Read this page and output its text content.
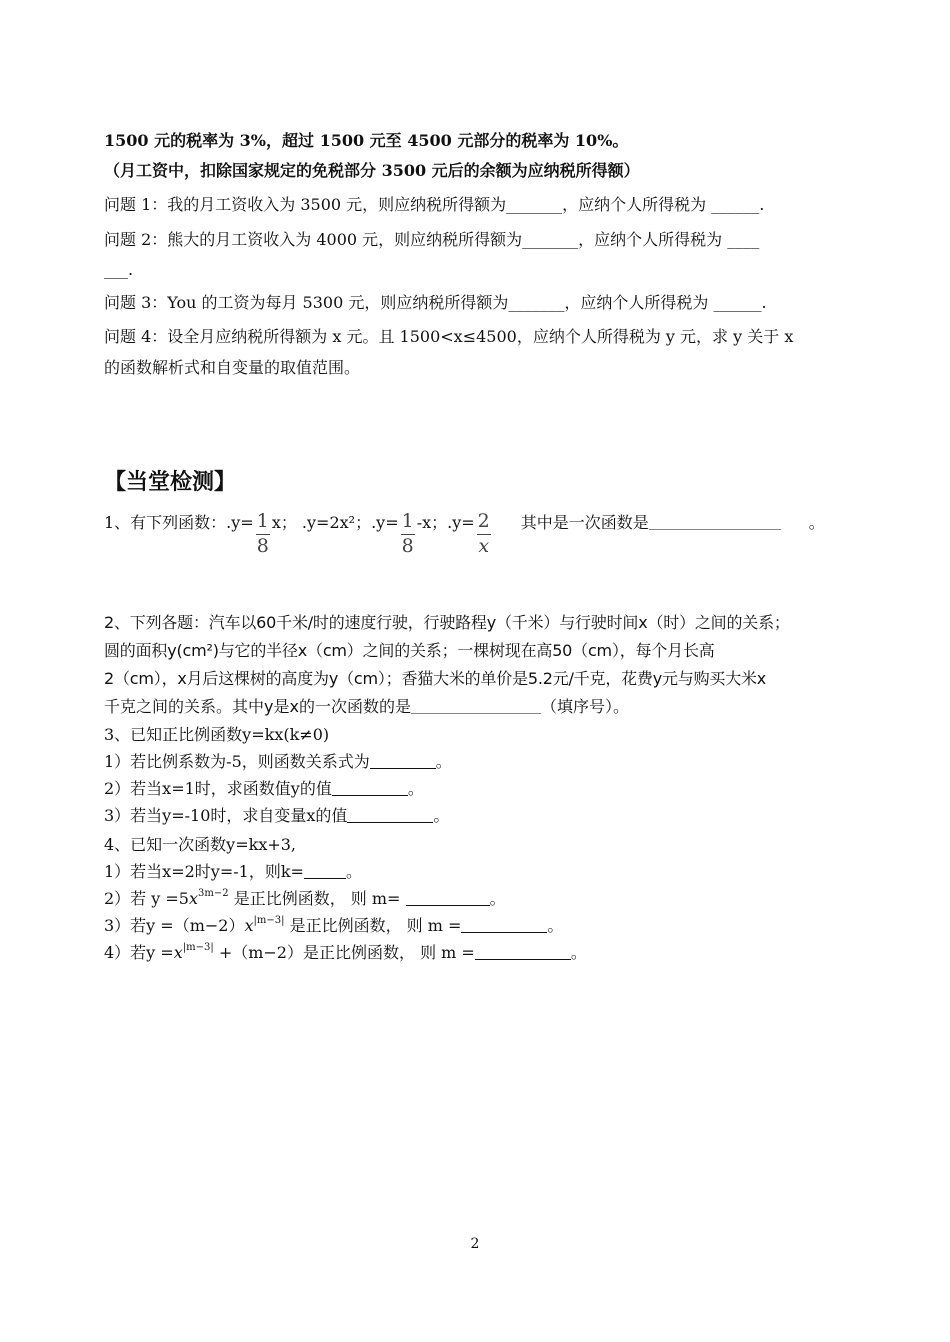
1500 元的税率为 3%，超过 1500 元至 4500 元部分的税率为 10%。
（月工资中，扣除国家规定的免税部分 3500 元后的余额为应纳税所得额）
问题 1：我的月工资收入为 3500 元，则应纳税所得额为_______，应纳个人所得税为 ______.
问题 2：熊大的月工资收入为 4000 元，则应纳税所得额为_______，应纳个人所得税为 ____
___.
问题 3：You 的工资为每月 5300 元，则应纳税所得额为_______，应纳个人所得税为 ______.
问题 4：设全月应纳税所得额为 x 元。且 1500<x≤4500，应纳个人所得税为 y 元，求 y 关于 x
的函数解析式和自变量的取值范围。
【当堂检测】
1、有下列函数：$.y= \frac{1}{8}$ x； .y=2x²；$.y= \frac{1}{8} -x$；$.y= \frac{2}{x}$ 其中是一次函数是	。
2、下列各题：汽车以60千米/时的速度行驶，行驶路程y（千米）与行驶时间x（时）之间的关系；
圆的面积y(cm²)与它的半径x（cm）之间的关系；一棵树现在高50（cm），每个月长高
2（cm），x月后这棵树的高度为y（cm）；香猫大米的单价是5.2元/千克，花费y元与购买大米x
千克之间的关系。其中y是x的一次函数的是	（填序号）。
3、已知正比例函数y=kx(k≠0)
1）若比例系数为-5，则函数关系式为	。
2）若当x=1时，求函数值y的值	。
3）若当y=-10时，求自变量x的值	。
4、已知一次函数y=kx+3,
1）若当x=2时y=-1，则k=	。
2）若 $y =5x^{3m-2}$ 是正比例函数， 则 m=	。
3）若$y =(m-2)x^{|m-3|}$ 是正比例函数， 则 m =	。
4）若$y =x^{|m-3|} +(m-2)$是正比例函数， 则 m =	。
2
